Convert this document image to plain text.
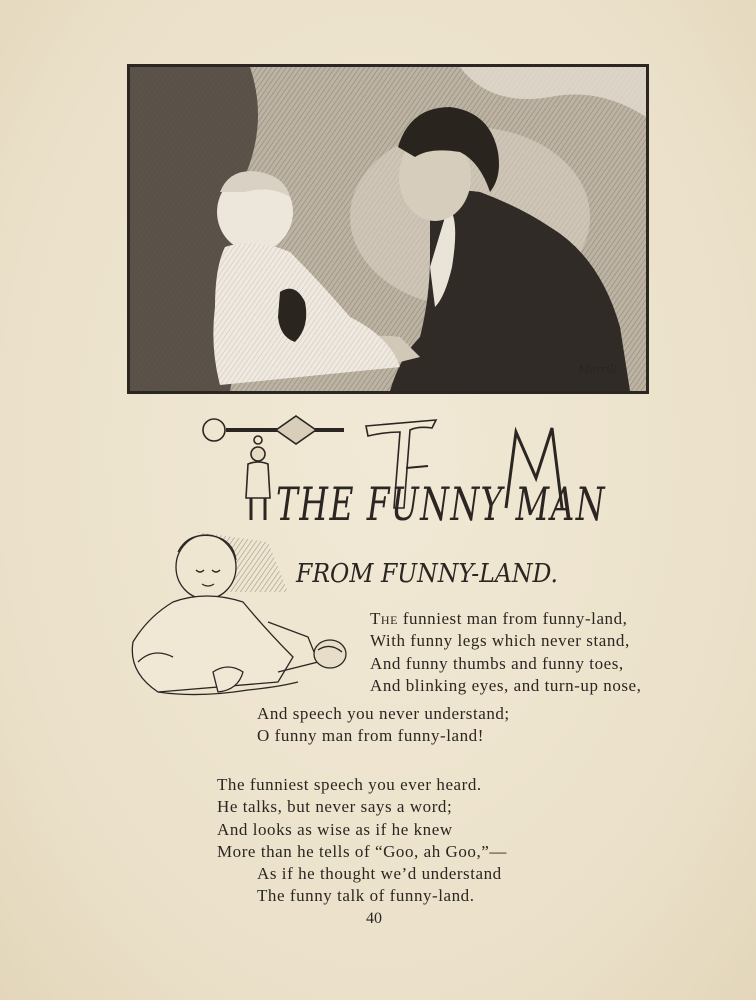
Merrill
THE FUNNY MAN
FROM FUNNY-LAND.
The funniest man from funny-land,
With funny legs which never stand,
And funny thumbs and funny toes,
And blinking eyes, and turn-up nose,
And speech you never understand;
O funny man from funny-land!
The funniest speech you ever heard.
He talks, but never says a word;
And looks as wise as if he knew
More than he tells of “Goo, ah Goo,”—
As if he thought we’d understand
The funny talk of funny-land.
40
